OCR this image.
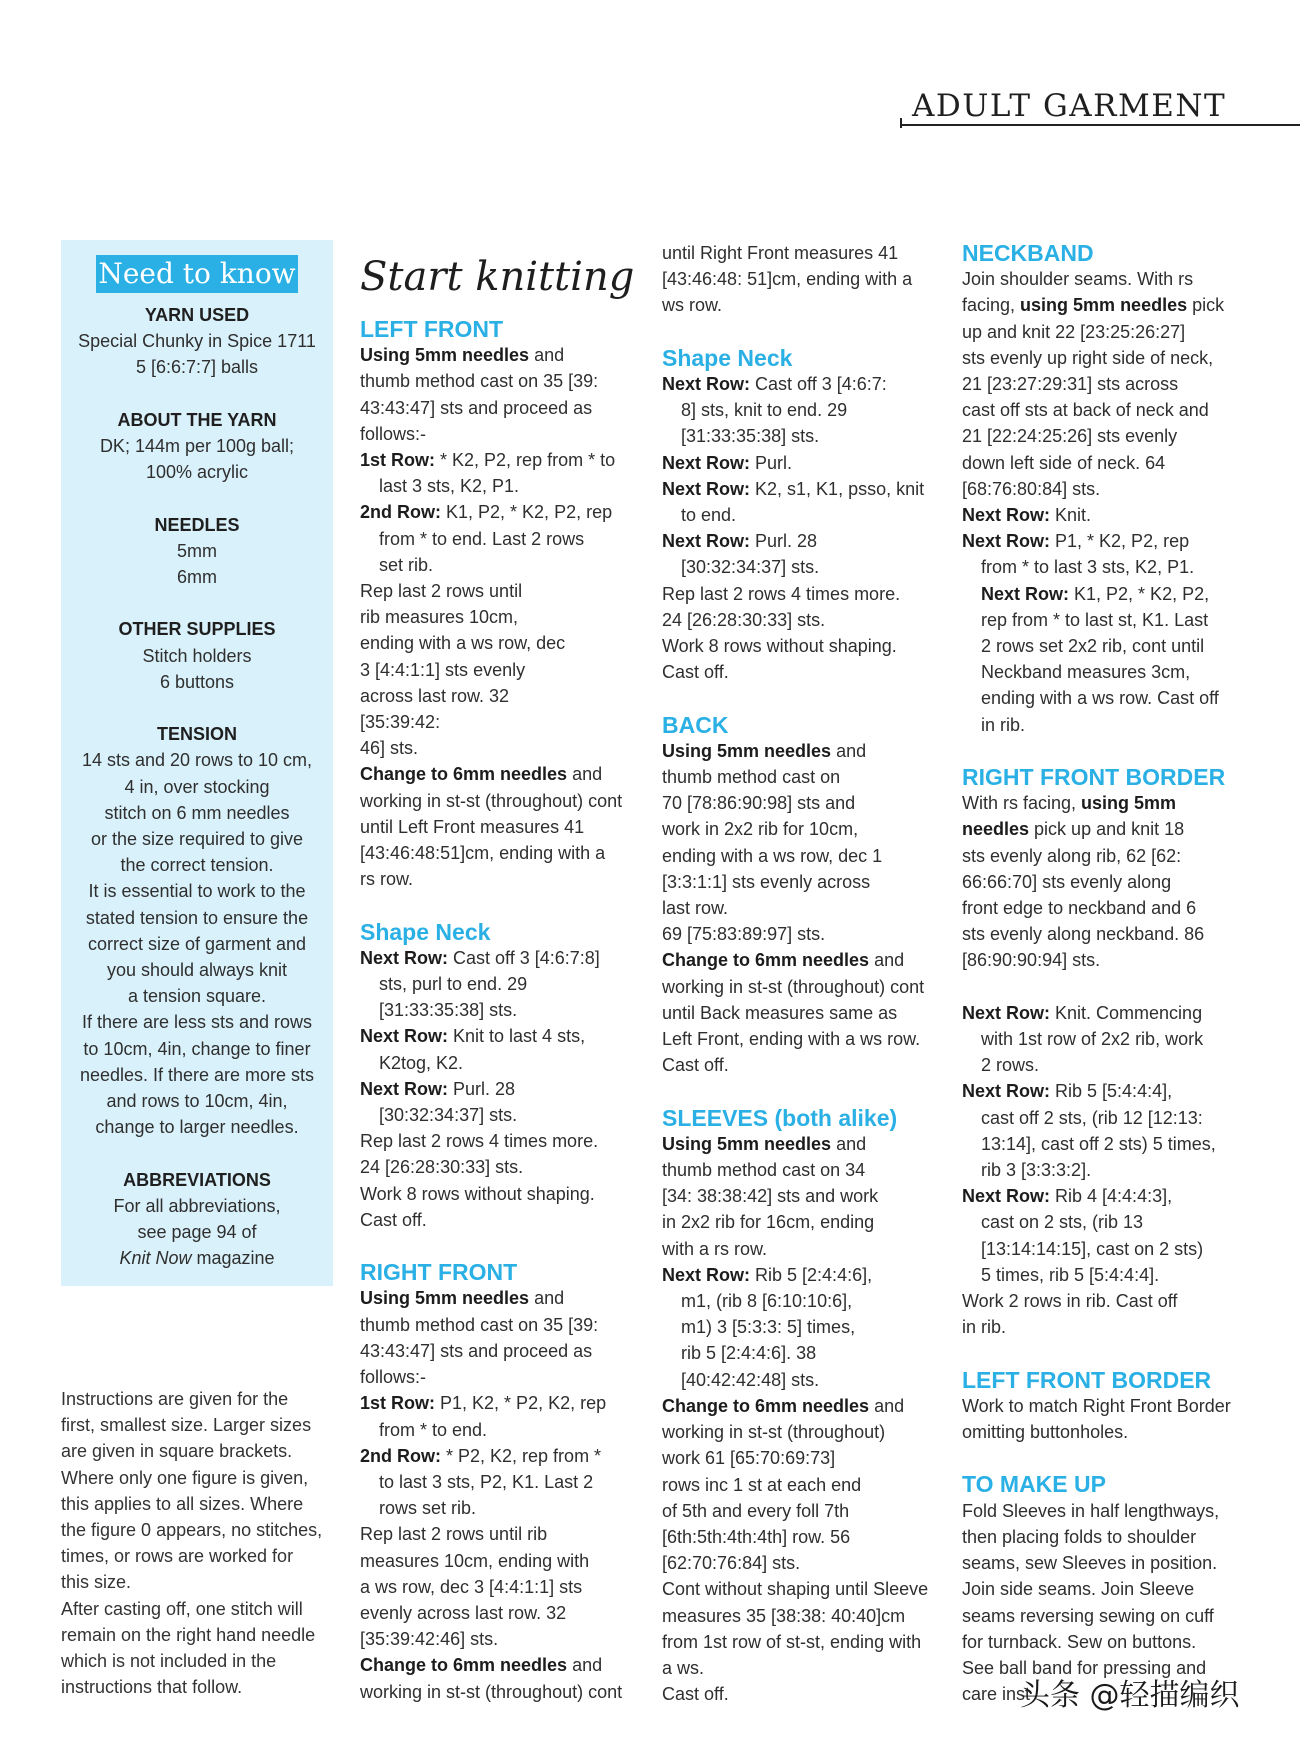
ADULT GARMENT
Need to know
YARN USED
Special Chunky in Spice 1711
5 [6:6:7:7] balls
ABOUT THE YARN
DK; 144m per 100g ball;
100% acrylic
NEEDLES
5mm
6mm
OTHER SUPPLIES
Stitch holders
6 buttons
TENSION
14 sts and 20 rows to 10 cm,
4 in, over stocking
stitch on 6 mm needles
or the size required to give
the correct tension.
It is essential to work to the
stated tension to ensure the
correct size of garment and
you should always knit
a tension square.
If there are less sts and rows
to 10cm, 4in, change to finer
needles. If there are more sts
and rows to 10cm, 4in,
change to larger needles.
ABBREVIATIONS
For all abbreviations,
see page 94 of
Knit Now magazine
Instructions are given for the
first, smallest size. Larger sizes
are given in square brackets.
Where only one figure is given,
this applies to all sizes. Where
the figure 0 appears, no stitches,
times, or rows are worked for
this size.
After casting off, one stitch will
remain on the right hand needle
which is not included in the
instructions that follow.
Start knitting
LEFT FRONT
Using 5mm needles and
thumb method cast on 35 [39:
43:43:47] sts and proceed as
follows:-
1st Row: * K2, P2, rep from * to
last 3 sts, K2, P1.
2nd Row: K1, P2, * K2, P2, rep
from * to end. Last 2 rows
set rib.
Rep last 2 rows until
rib measures 10cm,
ending with a ws row, dec
3 [4:4:1:1] sts evenly
across last row. 32
[35:39:42:
46] sts.
Change to 6mm needles and
working in st-st (throughout) cont
until Left Front measures 41
[43:46:48:51]cm, ending with a
rs row.
Shape Neck
Next Row: Cast off 3 [4:6:7:8]
sts, purl to end. 29
[31:33:35:38] sts.
Next Row: Knit to last 4 sts,
K2tog, K2.
Next Row: Purl. 28
[30:32:34:37] sts.
Rep last 2 rows 4 times more.
24 [26:28:30:33] sts.
Work 8 rows without shaping.
Cast off.
RIGHT FRONT
Using 5mm needles and
thumb method cast on 35 [39:
43:43:47] sts and proceed as
follows:-
1st Row: P1, K2, * P2, K2, rep
from * to end.
2nd Row: * P2, K2, rep from *
to last 3 sts, P2, K1. Last 2
rows set rib.
Rep last 2 rows until rib
measures 10cm, ending with
a ws row, dec 3 [4:4:1:1] sts
evenly across last row. 32
[35:39:42:46] sts.
Change to 6mm needles and
working in st-st (throughout) cont
until Right Front measures 41
[43:46:48: 51]cm, ending with a
ws row.
Shape Neck
Next Row: Cast off 3 [4:6:7:
8] sts, knit to end. 29
[31:33:35:38] sts.
Next Row: Purl.
Next Row: K2, s1, K1, psso, knit
to end.
Next Row: Purl. 28
[30:32:34:37] sts.
Rep last 2 rows 4 times more.
24 [26:28:30:33] sts.
Work 8 rows without shaping.
Cast off.
BACK
Using 5mm needles and
thumb method cast on
70 [78:86:90:98] sts and
work in 2x2 rib for 10cm,
ending with a ws row, dec 1
[3:3:1:1] sts evenly across
last row.
69 [75:83:89:97] sts.
Change to 6mm needles and
working in st-st (throughout) cont
until Back measures same as
Left Front, ending with a ws row.
Cast off.
SLEEVES (both alike)
Using 5mm needles and
thumb method cast on 34
[34: 38:38:42] sts and work
in 2x2 rib for 16cm, ending
with a rs row.
Next Row: Rib 5 [2:4:4:6],
m1, (rib 8 [6:10:10:6],
m1) 3 [5:3:3: 5] times,
rib 5 [2:4:4:6]. 38
[40:42:42:48] sts.
Change to 6mm needles and
working in st-st (throughout)
work 61 [65:70:69:73]
rows inc 1 st at each end
of 5th and every foll 7th
[6th:5th:4th:4th] row. 56
[62:70:76:84] sts.
Cont without shaping until Sleeve
measures 35 [38:38: 40:40]cm
from 1st row of st-st, ending with
a ws.
Cast off.
NECKBAND
Join shoulder seams. With rs
facing, using 5mm needles pick
up and knit 22 [23:25:26:27]
sts evenly up right side of neck,
21 [23:27:29:31] sts across
cast off sts at back of neck and
21 [22:24:25:26] sts evenly
down left side of neck. 64
[68:76:80:84] sts.
Next Row: Knit.
Next Row: P1, * K2, P2, rep
from * to last 3 sts, K2, P1.
Next Row: K1, P2, * K2, P2,
rep from * to last st, K1. Last
2 rows set 2x2 rib, cont until
Neckband measures 3cm,
ending with a ws row. Cast off
in rib.
RIGHT FRONT BORDER
With rs facing, using 5mm
needles pick up and knit 18
sts evenly along rib, 62 [62:
66:66:70] sts evenly along
front edge to neckband and 6
sts evenly along neckband. 86
[86:90:90:94] sts.
Next Row: Knit. Commencing
with 1st row of 2x2 rib, work
2 rows.
Next Row: Rib 5 [5:4:4:4],
cast off 2 sts, (rib 12 [12:13:
13:14], cast off 2 sts) 5 times,
rib 3 [3:3:3:2].
Next Row: Rib 4 [4:4:4:3],
cast on 2 sts, (rib 13
[13:14:14:15], cast on 2 sts)
5 times, rib 5 [5:4:4:4].
Work 2 rows in rib. Cast off
in rib.
LEFT FRONT BORDER
Work to match Right Front Border
omitting buttonholes.
TO MAKE UP
Fold Sleeves in half lengthways,
then placing folds to shoulder
seams, sew Sleeves in position.
Join side seams. Join Sleeve
seams reversing sewing on cuff
for turnback. Sew on buttons.
See ball band for pressing and
care inst
头条 @轻描编织
